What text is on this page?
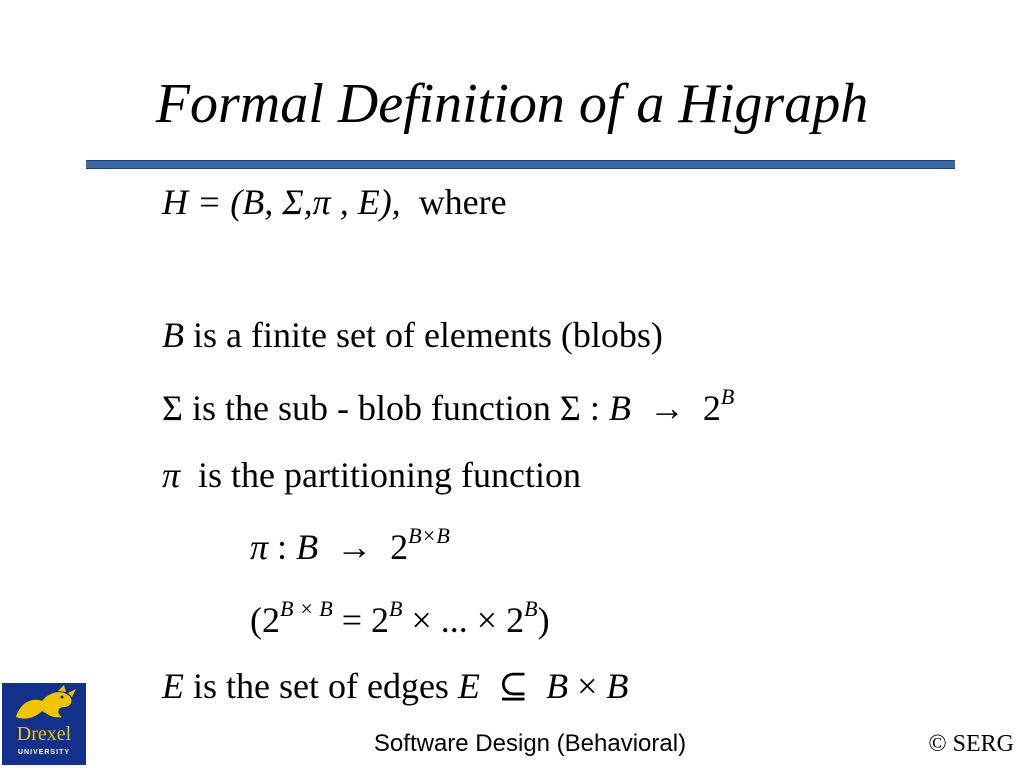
Formal Definition of a Higraph
H = (B, Σ,π , E), where
B is a finite set of elements (blobs)
Σ is the sub - blob function Σ : $B \to 2^B$
π is the partitioning function
π : $B \to 2^{B\times B}$
($2^{B \times B} = 2^B$ × ... × $2^B$)
E is the set of edges E ⊆ B × B
Drexel
UNIVERSITY	Software Design (Behavioral)	© SERG
